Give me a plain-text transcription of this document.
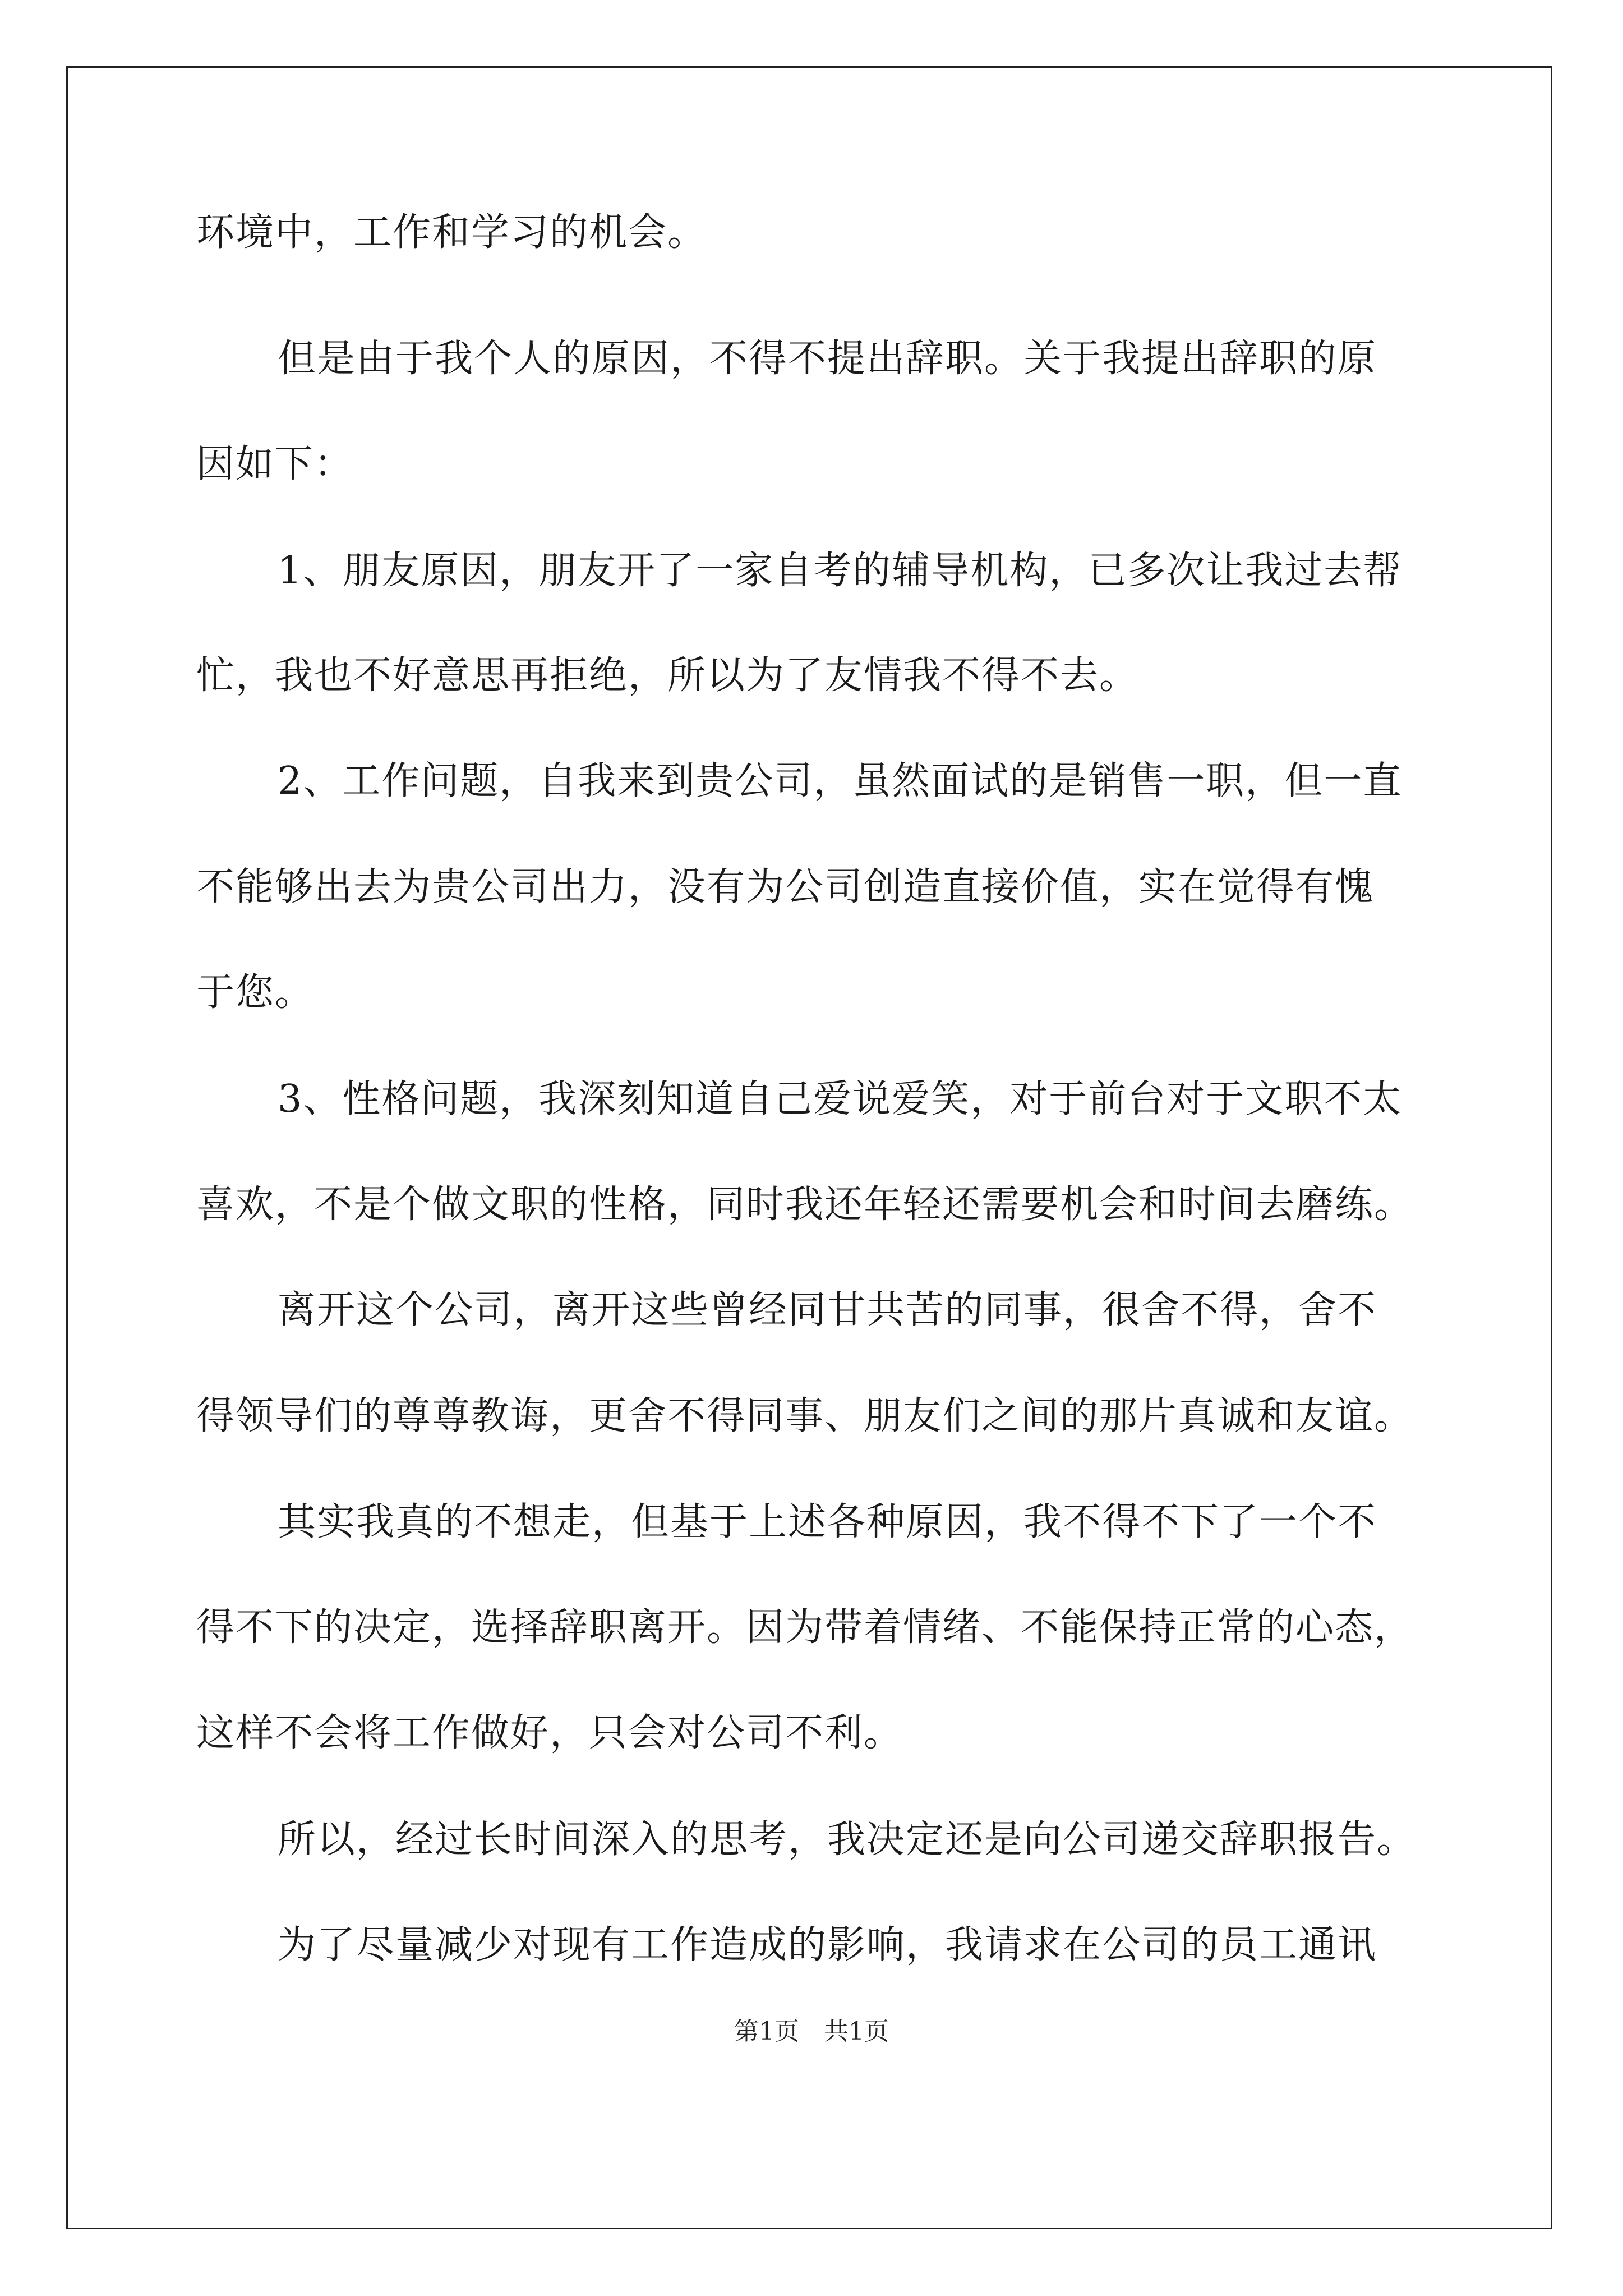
环境中，工作和学习的机会。
但是由于我个人的原因，不得不提出辞职。关于我提出辞职的原
因如下：
1、朋友原因，朋友开了一家自考的辅导机构，已多次让我过去帮
忙，我也不好意思再拒绝，所以为了友情我不得不去。
2、工作问题，自我来到贵公司，虽然面试的是销售一职，但一直
不能够出去为贵公司出力，没有为公司创造直接价值，实在觉得有愧
于您。
3、性格问题，我深刻知道自己爱说爱笑，对于前台对于文职不太
喜欢，不是个做文职的性格，同时我还年轻还需要机会和时间去磨练。
离开这个公司，离开这些曾经同甘共苦的同事，很舍不得，舍不
得领导们的尊尊教诲，更舍不得同事、朋友们之间的那片真诚和友谊。
其实我真的不想走，但基于上述各种原因，我不得不下了一个不
得不下的决定，选择辞职离开。因为带着情绪、不能保持正常的心态，
这样不会将工作做好，只会对公司不利。
所以，经过长时间深入的思考，我决定还是向公司递交辞职报告。
为了尽量减少对现有工作造成的影响，我请求在公司的员工通讯
第1页　共1页
